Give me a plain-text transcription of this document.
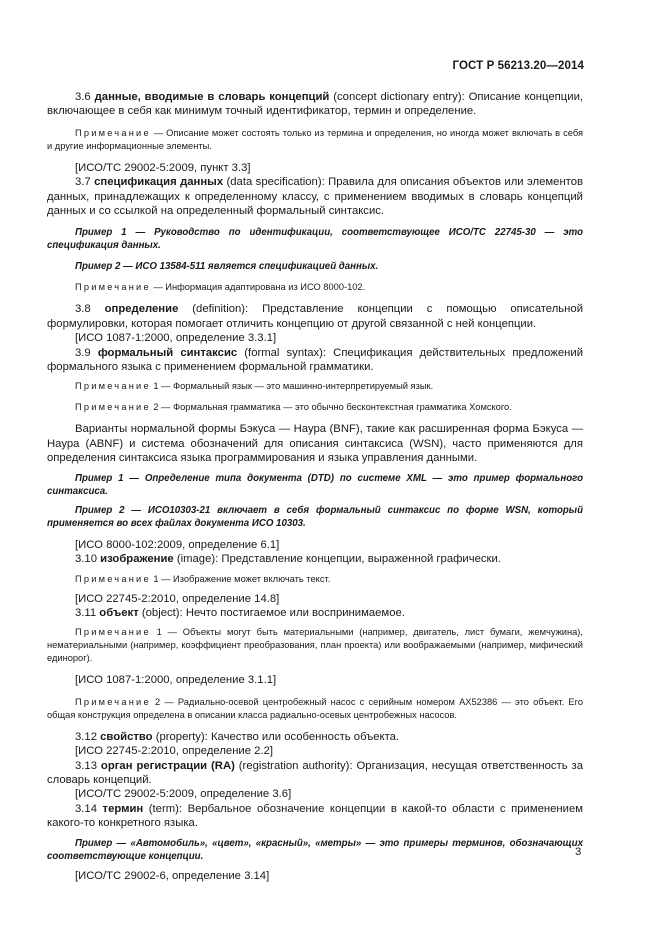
ГОСТ Р 56213.20—2014

3.6 данные, вводимые в словарь концепций (concept dictionary entry): Описание концепции, включающее в себя как минимум точный идентификатор, термин и определение.

Примечание — Описание может состоять только из термина и определения, но иногда может включать в себя и другие информационные элементы.

[ИСО/ТС 29002-5:2009, пункт 3.3]

3.7 спецификация данных (data specification): Правила для описания объектов или элементов данных, принадлежащих к определенному классу, с применением вводимых в словарь концепций данных и со ссылкой на определенный формальный синтаксис.

Пример 1 — Руководство по идентификации, соответствующее ИСО/ТС 22745-30 — это спецификация данных.

Пример 2 — ИСО 13584-511 является спецификацией данных.

Примечание — Информация адаптирована из ИСО 8000-102.

3.8 определение (definition): Представление концепции с помощью описательной формулировки, которая помогает отличить концепцию от другой связанной с ней концепции.

[ИСО 1087-1:2000, определение 3.3.1]

3.9 формальный синтаксис (formal syntax): Спецификация действительных предложений формального языка с применением формальной грамматики.

Примечание 1 — Формальный язык — это машинно-интерпретируемый язык.

Примечание 2 — Формальная грамматика — это обычно бесконтекстная грамматика Хомского.

Варианты нормальной формы Бэкуса — Наура (BNF), такие как расширенная форма Бэкуса — Наура (ABNF) и система обозначений для описания синтаксиса (WSN), часто применяются для определения синтаксиса языка программирования и языка управления данными.

Пример 1 — Определение типа документа (DTD) по системе XML — это пример формального синтаксиса.

Пример 2 — ИСО10303-21 включает в себя формальный синтаксис по форме WSN, который применяется во всех файлах документа ИСО 10303.

[ИСО 8000-102:2009, определение 6.1]

3.10 изображение (image): Представление концепции, выраженной графически.

Примечание 1 — Изображение может включать текст.

[ИСО 22745-2:2010, определение 14.8]

3.11 объект (object): Нечто постигаемое или воспринимаемое.

Примечание 1 — Объекты могут быть материальными (например, двигатель, лист бумаги, жемчужина), нематериальными (например, коэффициент преобразования, план проекта) или воображаемыми (например, мифический единорог).

[ИСО 1087-1:2000, определение 3.1.1]

Примечание 2 — Радиально-осевой центробежный насос с серийным номером АХ52386 — это объект. Его общая конструкция определена в описании класса радиально-осевых центробежных насосов.

3.12 свойство (property): Качество или особенность объекта.

[ИСО 22745-2:2010, определение 2.2]

3.13 орган регистрации (RA) (registration authority): Организация, несущая ответственность за словарь концепций.

[ИСО/ТС 29002-5:2009, определение 3.6]

3.14 термин (term): Вербальное обозначение концепции в какой-то области с применением какого-то конкретного языка.

Пример — «Автомобиль», «цвет», «красный», «метры» — это примеры терминов, обозначающих соответствующие концепции.

[ИСО/ТС 29002-6, определение 3.14]

3
